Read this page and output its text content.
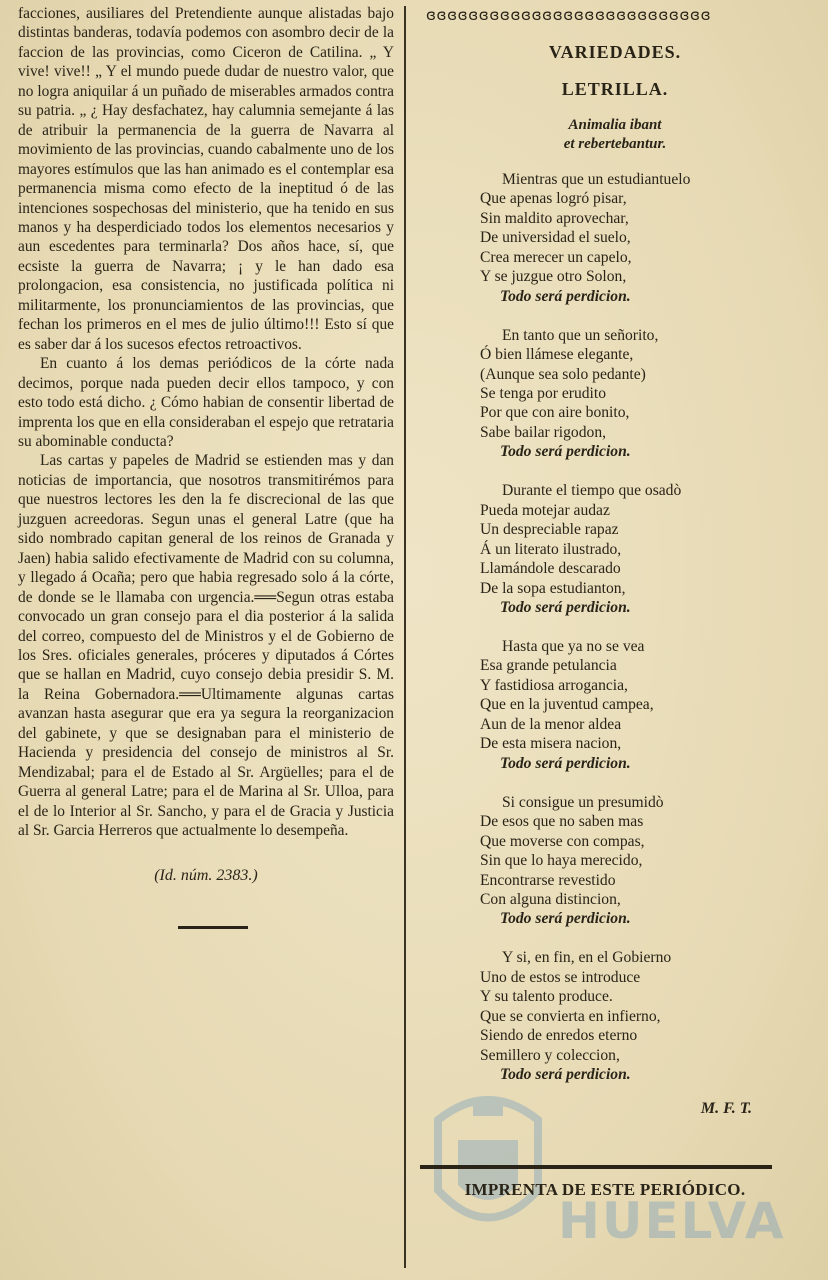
facciones, ausiliares del Pretendiente aunque alistadas bajo distintas banderas, todavía podemos con asombro decir de la faccion de las provincias, como Ciceron de Catilina. „ Y vive! vive!! „ Y el mundo puede dudar de nuestro valor, que no logra aniquilar á un puñado de miserables armados contra su patria. „ ¿ Hay desfachatez, hay calumnia semejante á las de atribuir la permanencia de la guerra de Navarra al movimiento de las provincias, cuando cabalmente uno de los mayores estímulos que las han animado es el contemplar esa permanencia misma como efecto de la ineptitud ó de las intenciones sospechosas del ministerio, que ha tenido en sus manos y ha desperdiciado todos los elementos necesarios y aun escedentes para terminarla? Dos años hace, sí, que ecsiste la guerra de Navarra; ¡ y le han dado esa prolongacion, esa consistencia, no justificada política ni militarmente, los pronunciamientos de las provincias, que fechan los primeros en el mes de julio último!!! Esto sí que es saber dar á los sucesos efectos retroactivos.

En cuanto á los demas periódicos de la córte nada decimos, porque nada pueden decir ellos tampoco, y con esto todo está dicho. ¿ Cómo habian de consentir libertad de imprenta los que en ella consideraban el espejo que retrataria su abominable conducta?

Las cartas y papeles de Madrid se estienden mas y dan noticias de importancia, que nosotros transmitirémos para que nuestros lectores les den la fe discrecional de las que juzguen acreedoras. Segun unas el general Latre (que ha sido nombrado capitan general de los reinos de Granada y Jaen) habia salido efectivamente de Madrid con su columna, y llegado á Ocaña; pero que habia regresado solo á la córte, de donde se le llamaba con urgencia.══Segun otras estaba convocado un gran consejo para el dia posterior á la salida del correo, compuesto del de Ministros y el de Gobierno de los Sres. oficiales generales, próceres y diputados á Córtes que se hallan en Madrid, cuyo consejo debia presidir S. M. la Reina Gobernadora.══Ultimamente algunas cartas avanzan hasta asegurar que era ya segura la reorganizacion del gabinete, y que se designaban para el ministerio de Hacienda y presidencia del consejo de ministros al Sr. Mendizabal; para el de Estado al Sr. Argüelles; para el de Guerra al general Latre; para el de Marina al Sr. Ulloa, para el de lo Interior al Sr. Sancho, y para el de Gracia y Justicia al Sr. Garcia Herreros que actualmente lo desempeña.

(Id. núm. 2383.)

ɞɞɞɞɞɞɞɞɞɞɞɞɞɞɞɞɞɞɞɞɞɞɞɞɞɞɞ
VARIEDADES.
LETRILLA.
Animalia ibant
et rebertebantur.
Mientras que un estudiantuelo
Que apenas logró pisar,
Sin maldito aprovechar,
De universidad el suelo,
Crea merecer un capelo,
Y se juzgue otro Solon,
Todo será perdicion.
En tanto que un señorito,
Ó bien llámese elegante,
(Aunque sea solo pedante)
Se tenga por erudito
Por que con aire bonito,
Sabe bailar rigodon,
Todo será perdicion.
Durante el tiempo que osadò
Pueda motejar audaz
Un despreciable rapaz
Á un literato ilustrado,
Llamándole descarado
De la sopa estudianton,
Todo será perdicion.
Hasta que ya no se vea
Esa grande petulancia
Y fastidiosa arrogancia,
Que en la juventud campea,
Aun de la menor aldea
De esta misera nacion,
Todo será perdicion.
Si consigue un presumidò
De esos que no saben mas
Que moverse con compas,
Sin que lo haya merecido,
Encontrarse revestido
Con alguna distincion,
Todo será perdicion.
Y si, en fin, en el Gobierno
Uno de estos se introduce
Y su talento produce.
Que se convierta en infierno,
Siendo de enredos eterno
Semillero y coleccion,
Todo será perdicion.
M. F. T.
HUELVA
IMPRENTA DE ESTE PERIÓDICO.
